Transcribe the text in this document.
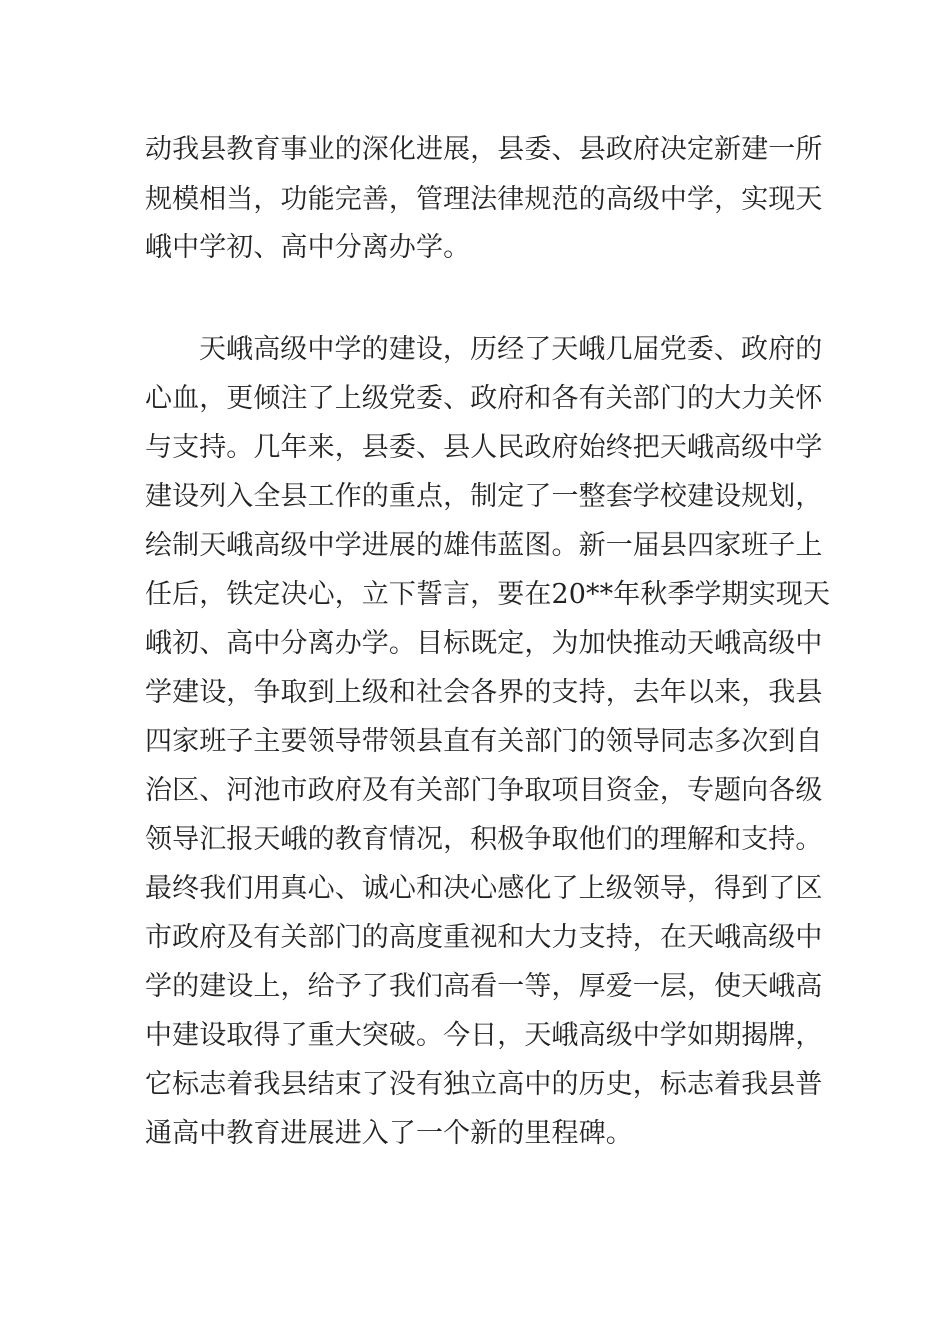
动我县教育事业的深化进展，县委、县政府决定新建一所
规模相当，功能完善，管理法律规范的高级中学，实现天
峨中学初、高中分离办学。
天峨高级中学的建设，历经了天峨几届党委、政府的
心血，更倾注了上级党委、政府和各有关部门的大力关怀
与支持。几年来，县委、县人民政府始终把天峨高级中学
建设列入全县工作的重点，制定了一整套学校建设规划，
绘制天峨高级中学进展的雄伟蓝图。新一届县四家班子上
任后，铁定决心，立下誓言，要在20**年秋季学期实现天
峨初、高中分离办学。目标既定，为加快推动天峨高级中
学建设，争取到上级和社会各界的支持，去年以来，我县
四家班子主要领导带领县直有关部门的领导同志多次到自
治区、河池市政府及有关部门争取项目资金，专题向各级
领导汇报天峨的教育情况，积极争取他们的理解和支持。
最终我们用真心、诚心和决心感化了上级领导，得到了区
市政府及有关部门的高度重视和大力支持，在天峨高级中
学的建设上，给予了我们高看一等，厚爱一层，使天峨高
中建设取得了重大突破。今日，天峨高级中学如期揭牌，
它标志着我县结束了没有独立高中的历史，标志着我县普
通高中教育进展进入了一个新的里程碑。
